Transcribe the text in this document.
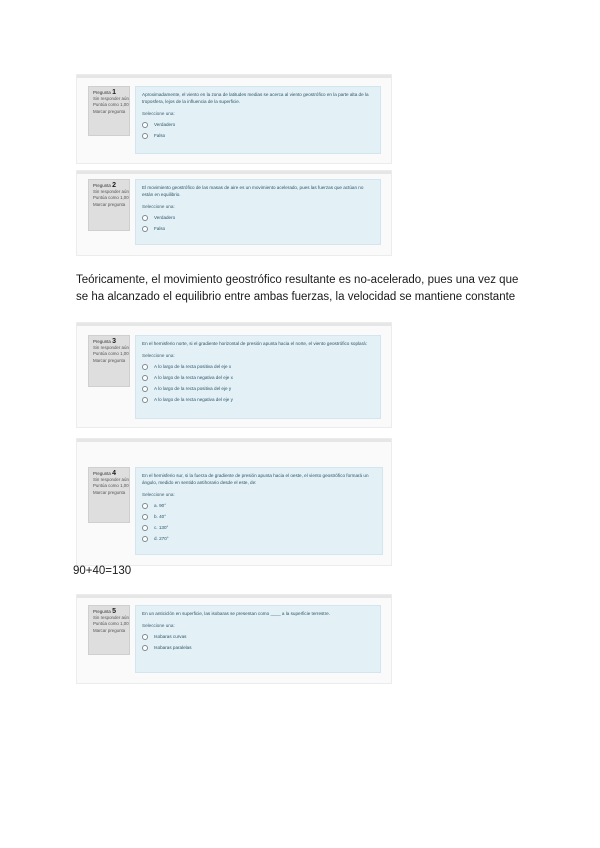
Pregunta 1
Sin responder aún
Puntúa como 1,00
Marcar pregunta
Aproximadamente, el viento en la zona de latitudes medias se acerca al viento geostrófico en la parte alta de la troposfera, lejos de la influencia de la superficie.
Seleccione una:
Verdadero
Falso
Pregunta 2
Sin responder aún
Puntúa como 1,00
Marcar pregunta
El movimiento geostrófico de las masas de aire es un movimiento acelerado, pues las fuerzas que actúan no están en equilibrio.
Seleccione una:
Verdadero
Falso
Teóricamente, el movimiento geostrófico resultante es no-acelerado, pues una vez que se ha alcanzado el equilibrio entre ambas fuerzas, la velocidad se mantiene constante
Pregunta 3
Sin responder aún
Puntúa como 1,00
Marcar pregunta
En el hemisferio norte, si el gradiente horizontal de presión apunta hacia el norte, el viento geostrófico soplará:
Seleccione una:
A lo largo de la recta positiva del eje x
A lo largo de la recta negativa del eje x
A lo largo de la recta positiva del eje y
A lo largo de la recta negativa del eje y
Pregunta 4
Sin responder aún
Puntúa como 1,00
Marcar pregunta
En el hemisferio sur, si la fuerza de gradiente de presión apunta hacia el oeste, el viento geostrófico formará un ángulo, medido en sentido antihorario desde el este, de:
Seleccione una:
a. 90°
b. 40°
c. 130°
d. 270°
90+40=130
Pregunta 5
Sin responder aún
Puntúa como 1,00
Marcar pregunta
En un anticiclón en superficie, las isobaras se presentan como ____ a la superficie terrestre.
Seleccione una:
Isobaras curvas
Isobaras paralelas
